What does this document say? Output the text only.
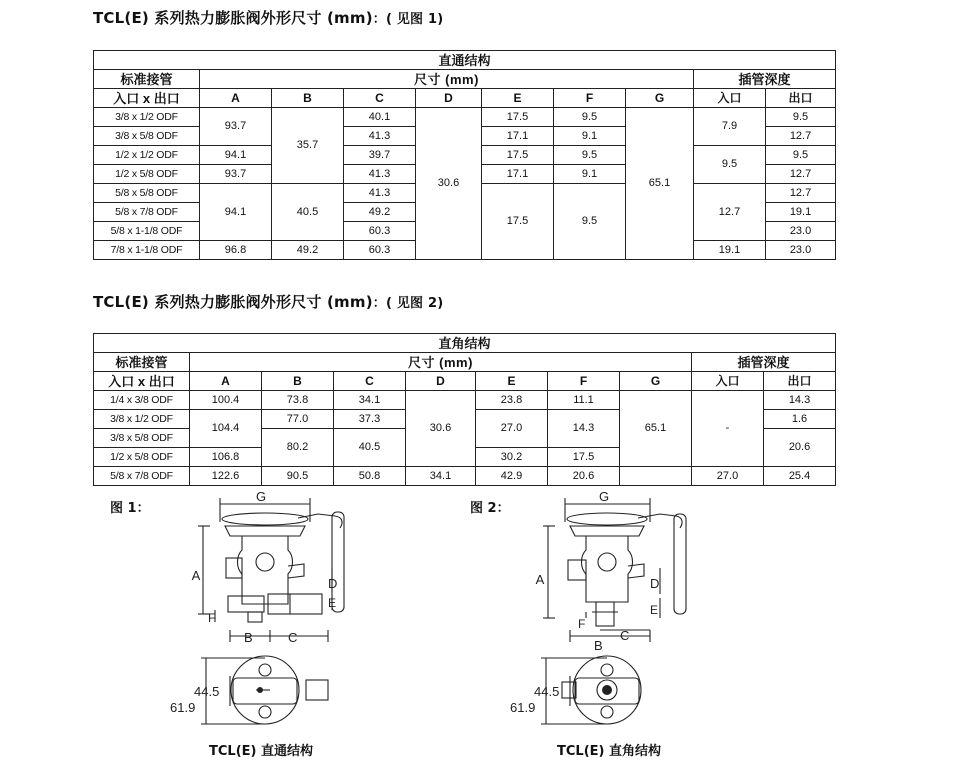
TCL(E) 系列热力膨胀阀外形尺寸 (mm)：( 见图 1)
直通结构									
标准接管	尺寸 (mm)							插管深度	
入口 x 出口	A	B	C	D	E	F	G	入口	出口
3/8 x 1/2 ODF	93.7	35.7	40.1	30.6	17.5	9.5	65.1	7.9	9.5
3/8 x 5/8 ODF			41.3		17.1	9.1			12.7
1/2 x 1/2 ODF	94.1		39.7		17.5	9.5		9.5	9.5
1/2 x 5/8 ODF	93.7		41.3		17.1	9.1			12.7
5/8 x 5/8 ODF	94.1	40.5	41.3		17.5	9.5		12.7	12.7
5/8 x 7/8 ODF			49.2						19.1
5/8 x 1-1/8 ODF			60.3						23.0
7/8 x 1-1/8 ODF	96.8	49.2	60.3					19.1	23.0
TCL(E) 系列热力膨胀阀外形尺寸 (mm)：( 见图 2)
直角结构									
标准接管	尺寸 (mm)							插管深度	
入口 x 出口	A	B	C	D	E	F	G	入口	出口
1/4 x 3/8 ODF	100.4	73.8	34.1	30.6	23.8	11.1	65.1	-	14.3
3/8 x 1/2 ODF	104.4	77.0	37.3		27.0	14.3			1.6
3/8 x 5/8 ODF		80.2	40.5						20.6
1/2 x 5/8 ODF	106.8				30.2	17.5			
5/8 x 7/8 ODF	122.6	90.5	50.8	34.1	42.9	20.6		27.0	25.4
图 1：
G
A
D
E
F
B	C
44.5
61.9
TCL(E) 直通结构
图 2：
G
A	D
E
F
B
C
44.5
61.9
TCL(E) 直角结构
